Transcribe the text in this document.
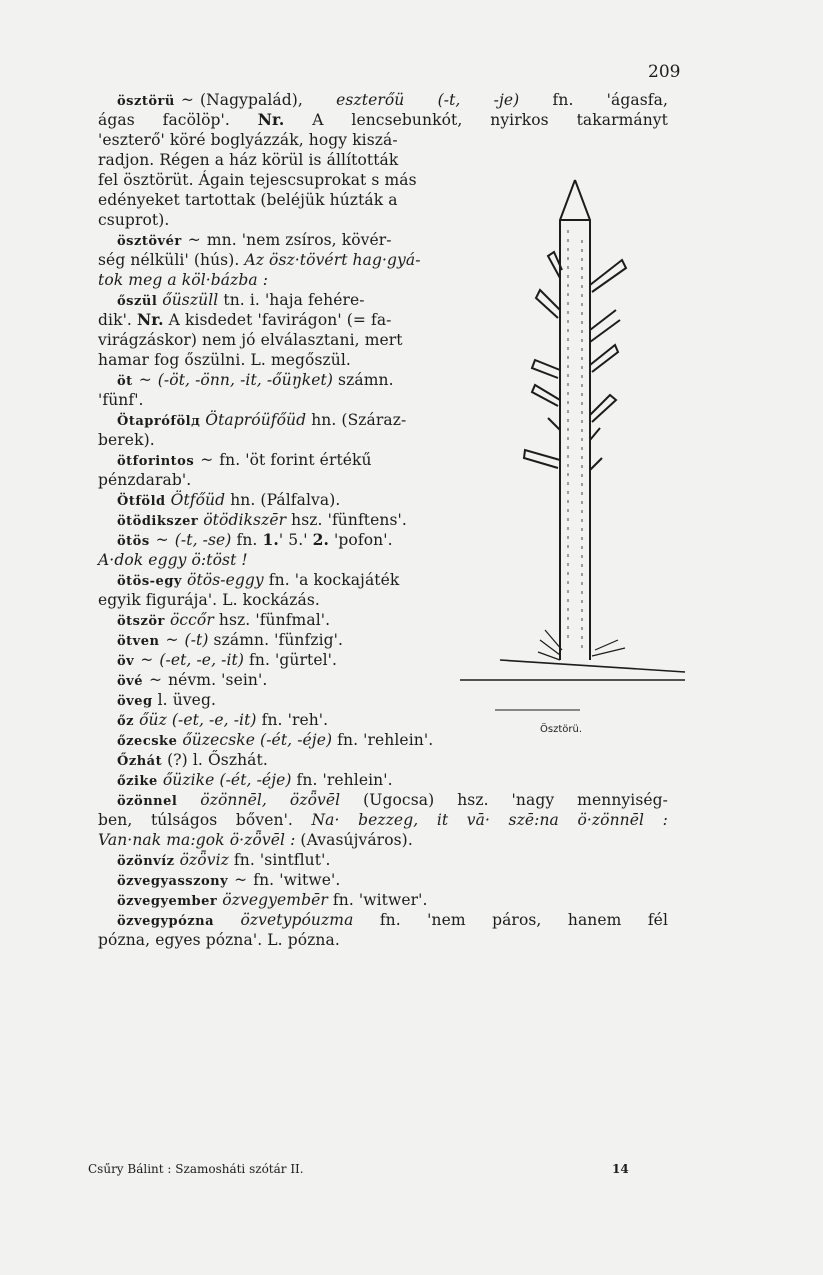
209
ösztörü ~ (Nagypalád), eszterőü (-t, -je) fn. 'ágasfa,
ágas facölöp'. Nr. A lencsebunkót, nyirkos takarmányt
'eszterő' köré boglyázzák, hogy kiszá-
radjon. Régen a ház körül is állították
fel ösztörüt. Ágain tejescsuprokat s más
edényeket tartottak (beléjük húzták a
csuprot).
ösztövér ~ mn. 'nem zsíros, kövér-
ség nélküli' (hús). Az ösz·tövért hag·gyá-
tok meg a köl·bázba :
őszül őüszüll tn. i. 'haja fehére-
dik'. Nr. A kisdedet 'favirágon' (= fa-
virágzáskor) nem jó elválasztani, mert
hamar fog őszülni. L. megőszül.
öt ~ (-öt, -önn, -it, -őüŋket) számn.
'fünf'.
Ötaprófölд Ötapróüfőüd hn. (Száraz-
berek).
ötforintos ~ fn. 'öt forint értékű
pénzdarab'.
Ötföld Ötfőüd hn. (Pálfalva).
ötödikszer ötödikszēr hsz. 'fünftens'.
ötös ~ (-t, -se) fn. 1.' 5.' 2. 'pofon'.
A·dok eggy ö:töst !
ötös-egy ötös-eggy fn. 'a kockajáték
egyik figurája'. L. kockázás.
ötször öccőr hsz. 'fünfmal'.
ötven ~ (-t) számn. 'fünfzig'.
öv ~ (-et, -e, -it) fn. 'gürtel'.
övé ~ névm. 'sein'.
öveg l. üveg.
őz őüz (-et, -e, -it) fn. 'reh'.
őzecske őüzecske (-ét, -éje) fn. 'rehlein'.
Őzhát (?) l. Őszhát.
őzike őüzike (-ét, -éje) fn. 'rehlein'.
özönnel özönnēl, özȫvēl (Ugocsa) hsz. 'nagy mennyiség-
ben, túlságos bőven'. Na· bezzeg, it vā· szē:na ö·zönnēl :
Van·nak ma:gok ö·zȫvēl : (Avasújváros).
özönvíz özȫviz fn. 'sintflut'.
özvegyasszony ~ fn. 'witwe'.
özvegyember özvegyembēr fn. 'witwer'.
özvegypózna özvetypóuzma fn. 'nem páros, hanem fél
pózna, egyes pózna'. L. pózna.
Ösztörü.
Csűry Bálint : Szamosháti szótár II.	14
